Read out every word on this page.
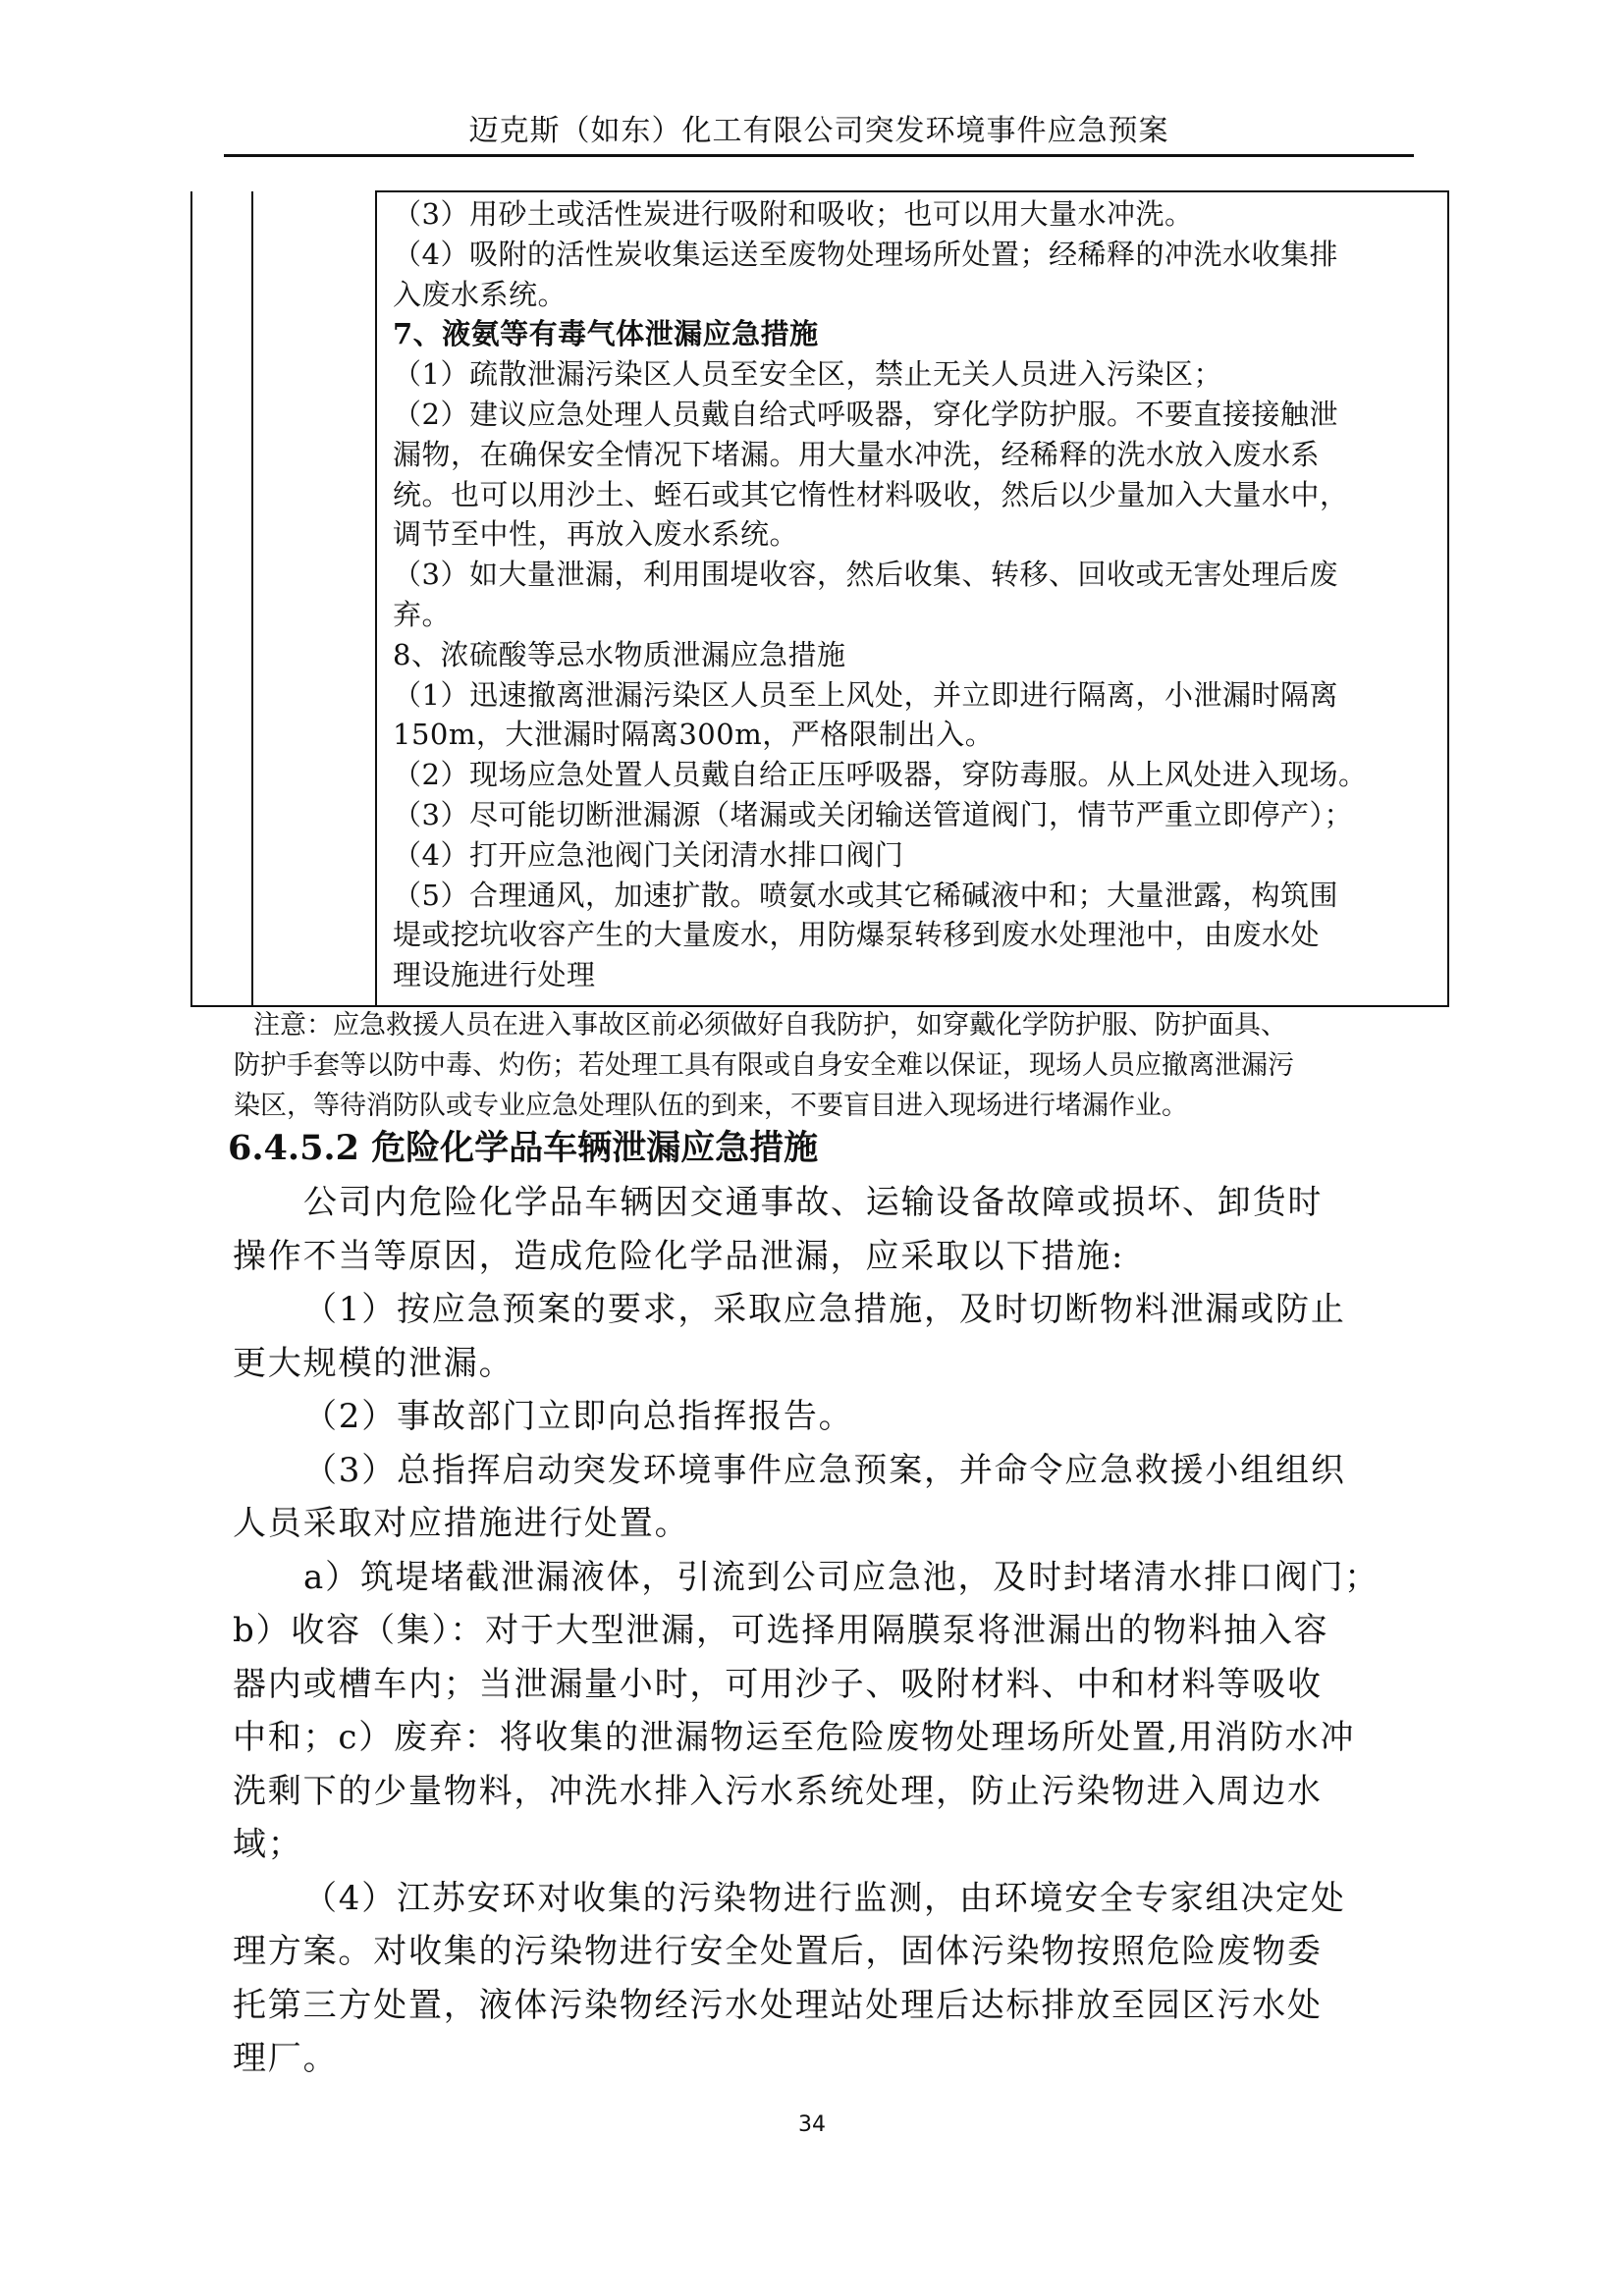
迈克斯（如东）化工有限公司突发环境事件应急预案

（3）用砂土或活性炭进行吸附和吸收；也可以用大量水冲洗。
（4）吸附的活性炭收集运送至废物处理场所处置；经稀释的冲洗水收集排
入废水系统。
7、液氨等有毒气体泄漏应急措施
（1）疏散泄漏污染区人员至安全区，禁止无关人员进入污染区；
（2）建议应急处理人员戴自给式呼吸器，穿化学防护服。不要直接接触泄
漏物，在确保安全情况下堵漏。用大量水冲洗，经稀释的洗水放入废水系
统。也可以用沙土、蛭石或其它惰性材料吸收，然后以少量加入大量水中，
调节至中性，再放入废水系统。
（3）如大量泄漏，利用围堤收容，然后收集、转移、回收或无害处理后废
弃。
8、浓硫酸等忌水物质泄漏应急措施
（1）迅速撤离泄漏污染区人员至上风处，并立即进行隔离，小泄漏时隔离
150m，大泄漏时隔离300m，严格限制出入。
（2）现场应急处置人员戴自给正压呼吸器，穿防毒服。从上风处进入现场。
（3）尽可能切断泄漏源（堵漏或关闭输送管道阀门，情节严重立即停产）；
（4）打开应急池阀门关闭清水排口阀门
（5）合理通风，加速扩散。喷氨水或其它稀碱液中和；大量泄露，构筑围
堤或挖坑收容产生的大量废水，用防爆泵转移到废水处理池中，由废水处
理设施进行处理
注意：应急救援人员在进入事故区前必须做好自我防护，如穿戴化学防护服、防护面具、
防护手套等以防中毒、灼伤；若处理工具有限或自身安全难以保证，现场人员应撤离泄漏污
染区，等待消防队或专业应急处理队伍的到来，不要盲目进入现场进行堵漏作业。
6.4.5.2 危险化学品车辆泄漏应急措施
公司内危险化学品车辆因交通事故、运输设备故障或损坏、卸货时
操作不当等原因，造成危险化学品泄漏，应采取以下措施:
（1）按应急预案的要求，采取应急措施，及时切断物料泄漏或防止
更大规模的泄漏。
（2）事故部门立即向总指挥报告。
（3）总指挥启动突发环境事件应急预案，并命令应急救援小组组织
人员采取对应措施进行处置。
a）筑堤堵截泄漏液体，引流到公司应急池，及时封堵清水排口阀门；
b）收容（集）：对于大型泄漏，可选择用隔膜泵将泄漏出的物料抽入容
器内或槽车内；当泄漏量小时，可用沙子、吸附材料、中和材料等吸收
中和；c）废弃：将收集的泄漏物运至危险废物处理场所处置,用消防水冲
洗剩下的少量物料，冲洗水排入污水系统处理，防止污染物进入周边水
域；
（4）江苏安环对收集的污染物进行监测，由环境安全专家组决定处
理方案。对收集的污染物进行安全处置后，固体污染物按照危险废物委
托第三方处置，液体污染物经污水处理站处理后达标排放至园区污水处
理厂。
34
